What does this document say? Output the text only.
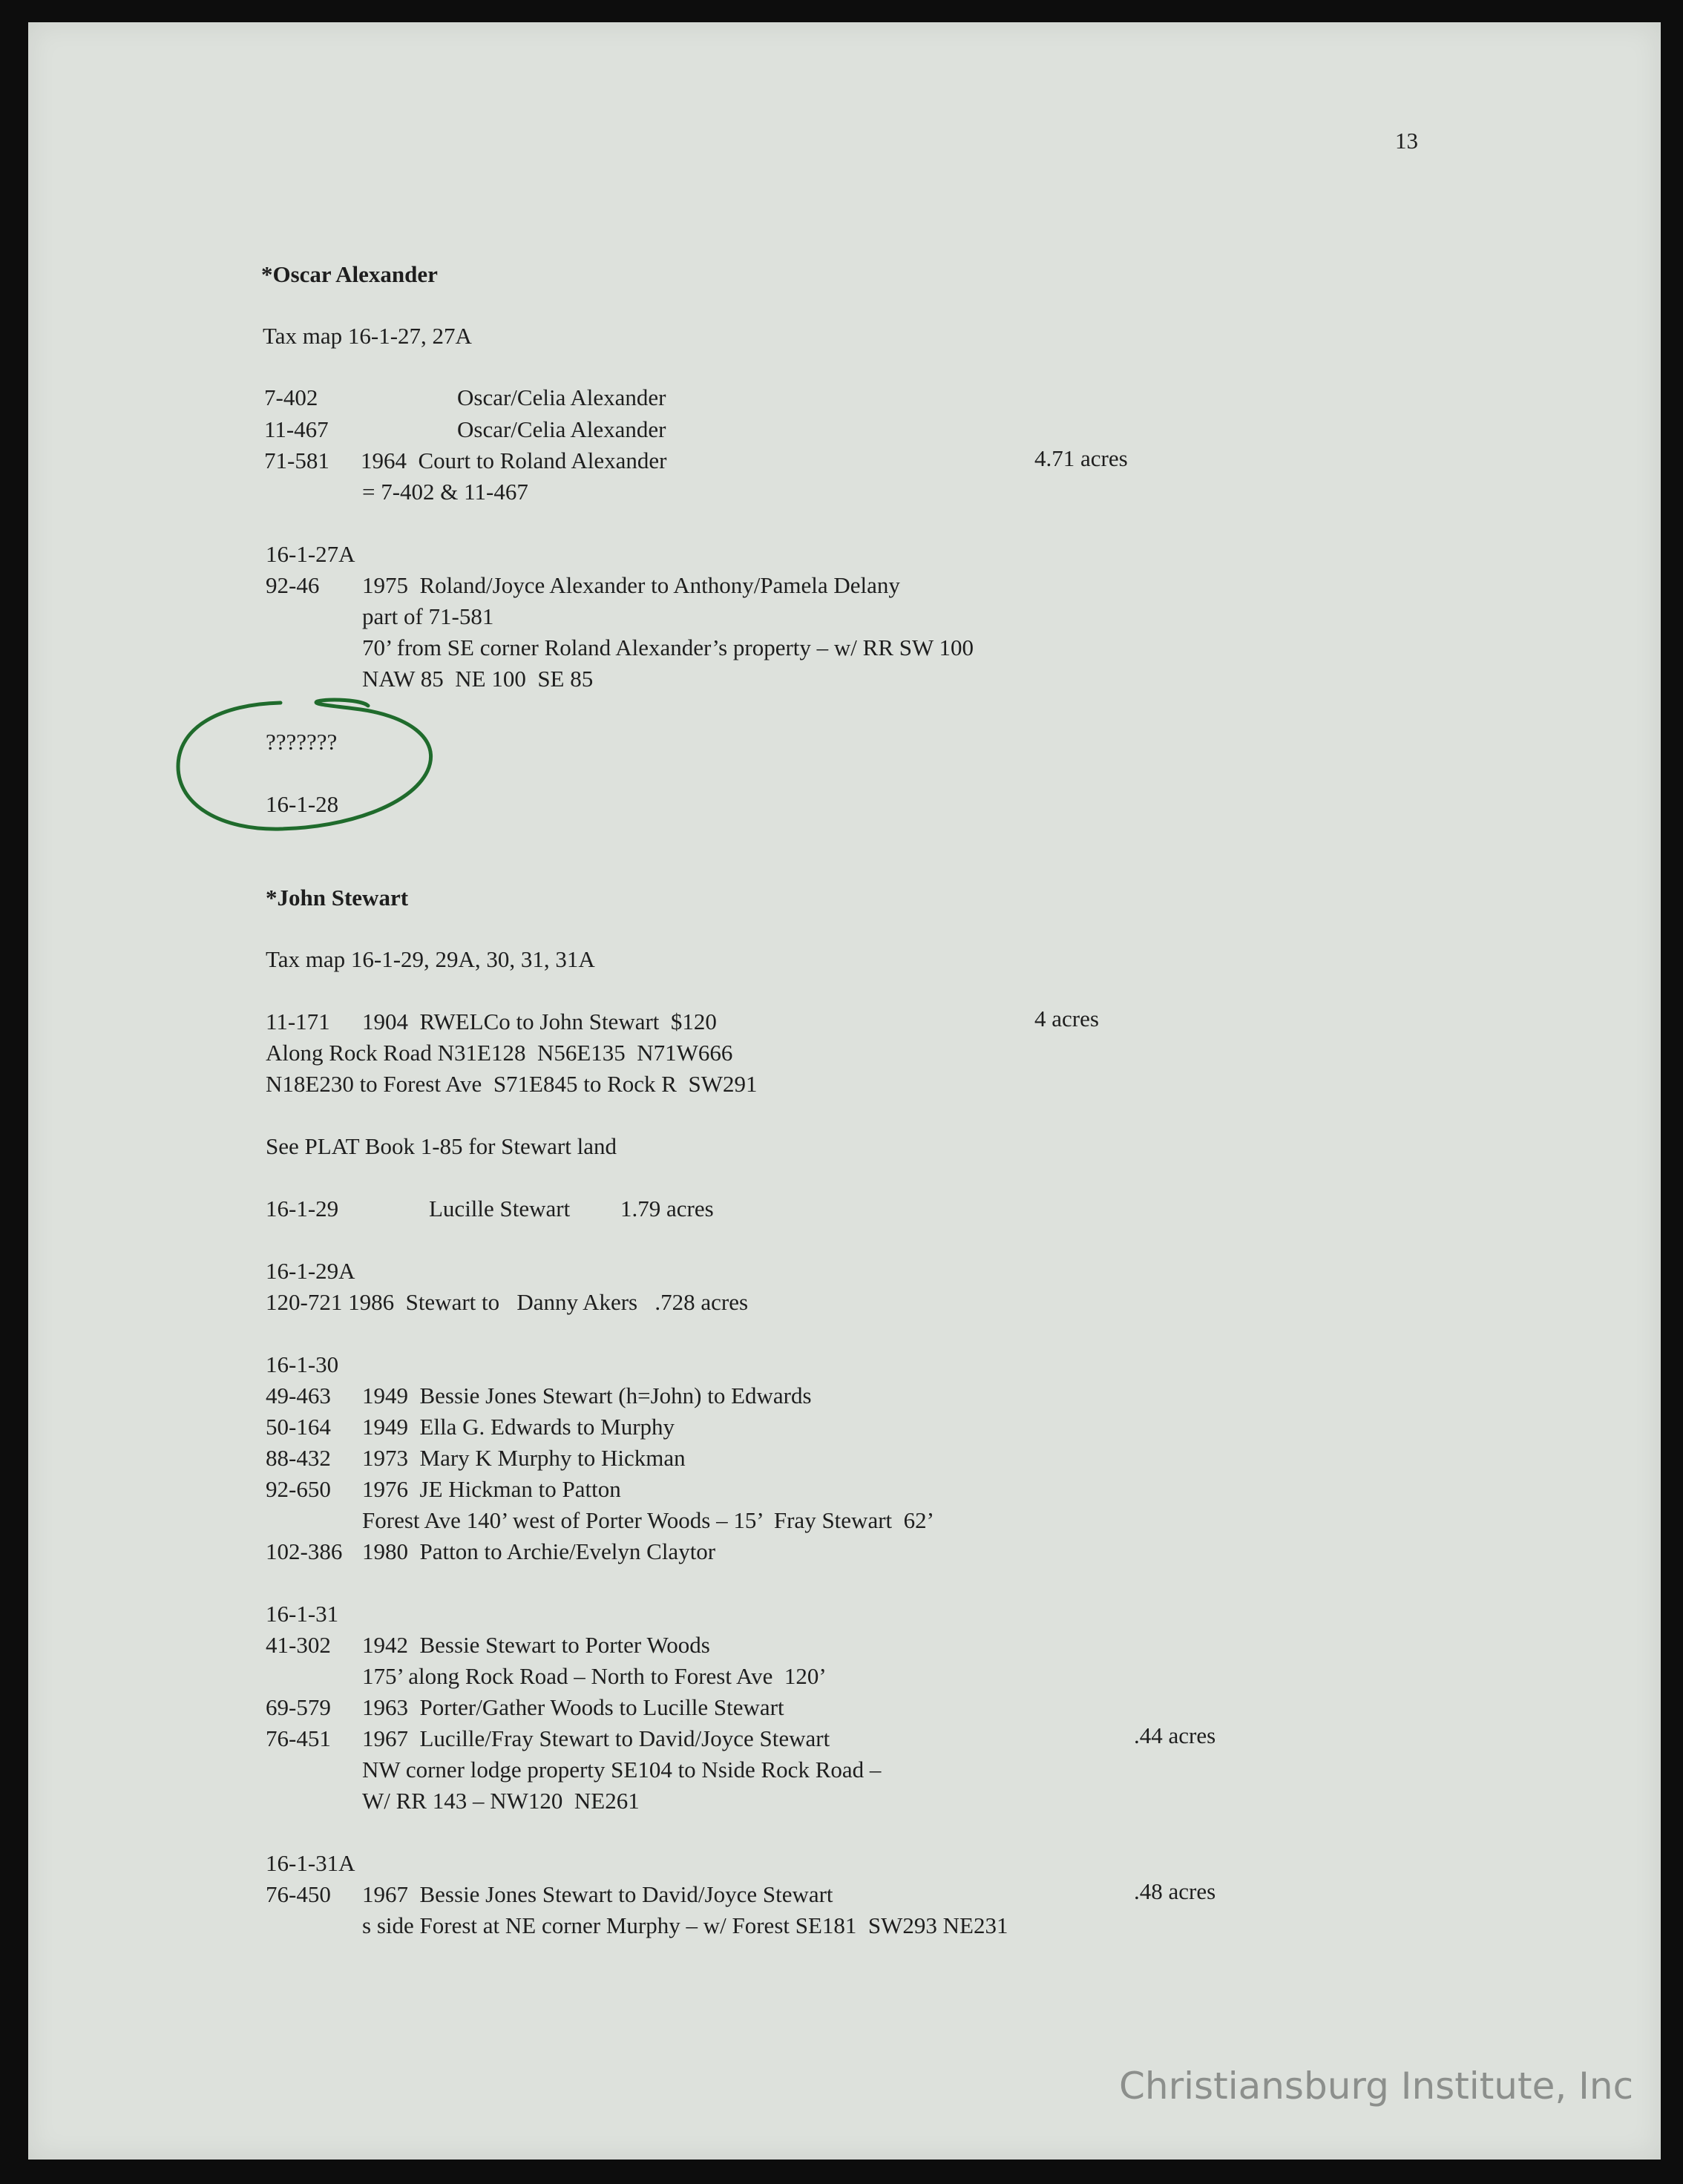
13
*Oscar Alexander
Tax map 16-1-27, 27A
7-402	Oscar/Celia Alexander
11-467	Oscar/Celia Alexander
71-581 1964  Court to Roland Alexander	4.71 acres
= 7-402 & 11-467
16-1-27A
92-46 1975  Roland/Joyce Alexander to Anthony/Pamela Delany
part of 71-581
70’ from SE corner Roland Alexander’s property – w/ RR SW 100
NAW 85  NE 100  SE 85
???????
16-1-28
*John Stewart
Tax map 16-1-29, 29A, 30, 31, 31A
11-171 1904  RWELCo to John Stewart  $120	4 acres
Along Rock Road N31E128  N56E135  N71W666
N18E230 to Forest Ave  S71E845 to Rock R  SW291
See PLAT Book 1-85 for Stewart land
16-1-29	Lucille Stewart 1.79 acres
16-1-29A
120-721 1986  Stewart to   Danny Akers   .728 acres
16-1-30
49-463 1949  Bessie Jones Stewart (h=John) to Edwards
50-164 1949  Ella G. Edwards to Murphy
88-432 1973  Mary K Murphy to Hickman
92-650 1976  JE Hickman to Patton
Forest Ave 140’ west of Porter Woods – 15’  Fray Stewart  62’
102-386 1980  Patton to Archie/Evelyn Claytor
16-1-31
41-302 1942  Bessie Stewart to Porter Woods
175’ along Rock Road – North to Forest Ave  120’
69-579 1963  Porter/Gather Woods to Lucille Stewart
76-451 1967  Lucille/Fray Stewart to David/Joyce Stewart	.44 acres
NW corner lodge property SE104 to Nside Rock Road –
W/ RR 143 – NW120  NE261
16-1-31A
76-450 1967  Bessie Jones Stewart to David/Joyce Stewart	.48 acres
s side Forest at NE corner Murphy – w/ Forest SE181  SW293 NE231
Christiansburg Institute, Inc
